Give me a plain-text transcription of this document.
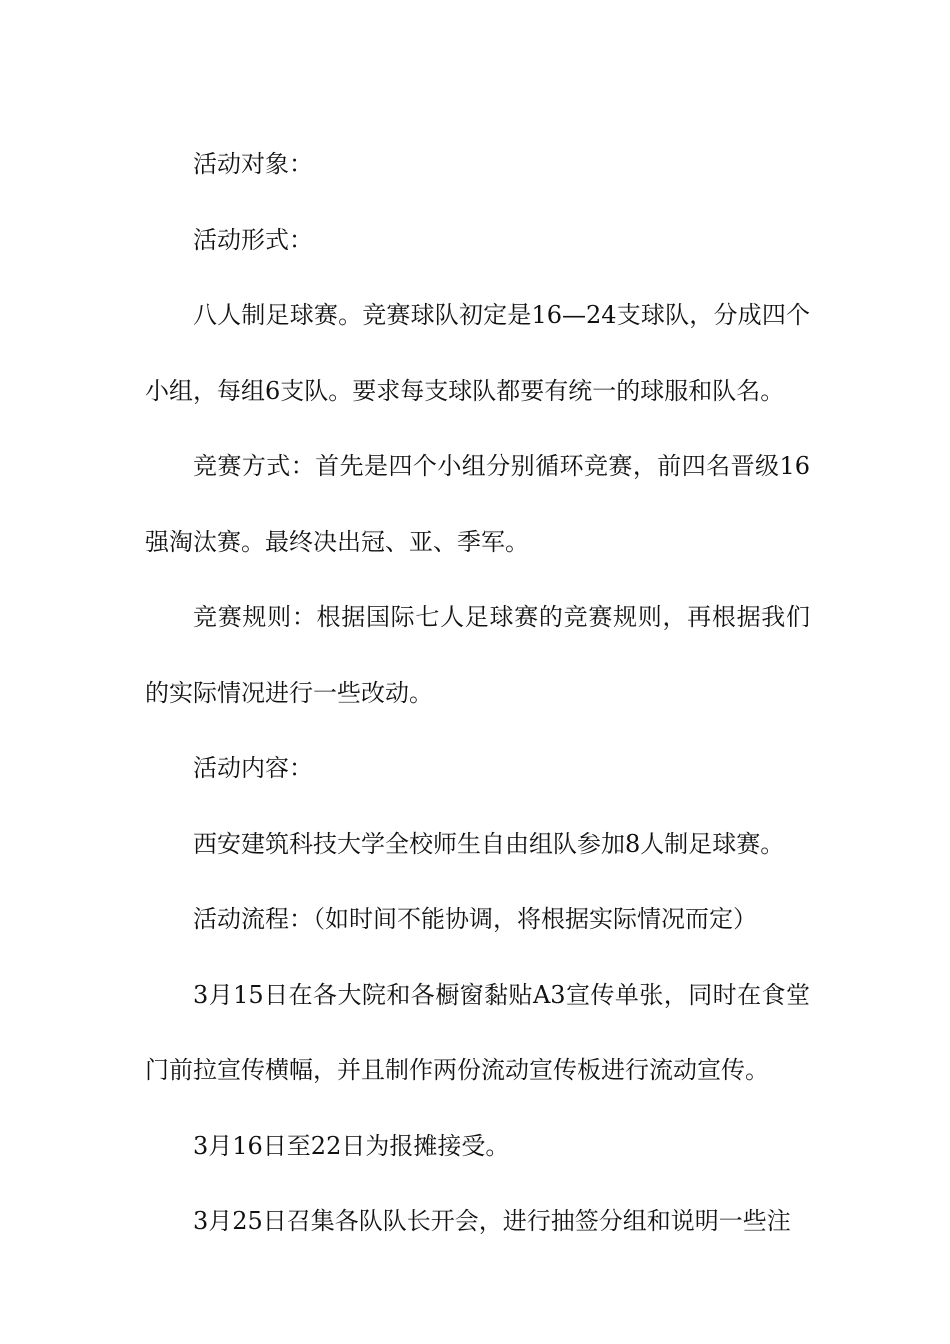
活动对象：

活动形式：

八人制足球赛。竞赛球队初定是16—24支球队，分成四个小组，每组6支队。要求每支球队都要有统一的球服和队名。

竞赛方式：首先是四个小组分别循环竞赛，前四名晋级16强淘汰赛。最终决出冠、亚、季军。

竞赛规则：根据国际七人足球赛的竞赛规则，再根据我们的实际情况进行一些改动。

活动内容：

西安建筑科技大学全校师生自由组队参加8人制足球赛。

活动流程：（如时间不能协调，将根据实际情况而定）

3月15日在各大院和各橱窗黏贴A3宣传单张，同时在食堂门前拉宣传横幅，并且制作两份流动宣传板进行流动宣传。

3月16日至22日为报摊接受。

3月25日召集各队队长开会，进行抽签分组和说明一些注
